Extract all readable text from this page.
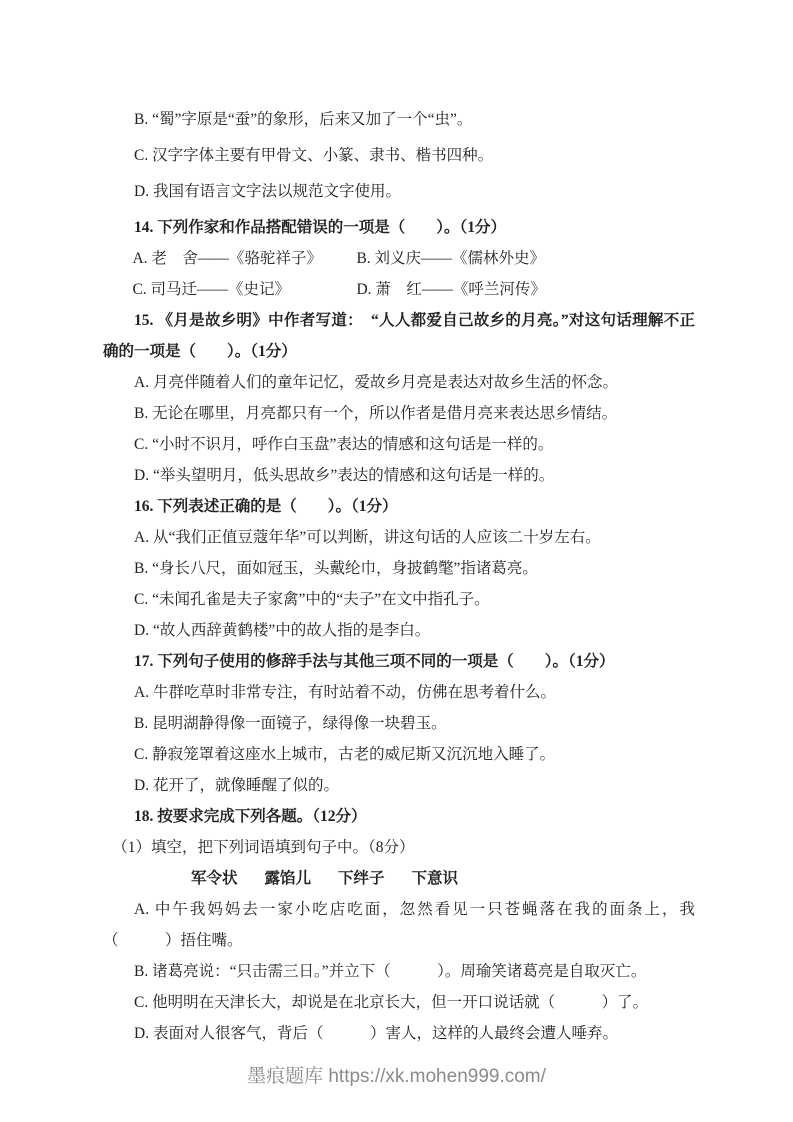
B. “蜀”字原是“蚕”的象形，后来又加了一个“虫”。

C. 汉字字体主要有甲骨文、小篆、隶书、楷书四种。

D. 我国有语言文字法以规范文字使用。

14. 下列作家和作品搭配错误的一项是（　　）。（1分）

A. 老　舍——《骆驼祥子》	B. 刘义庆——《儒林外史》
C. 司马迁——《史记》	D. 萧　红——《呼兰河传》

15. 《月是故乡明》中作者写道：　“人人都爱自己故乡的月亮。”对这句话理解不正确的一项是（　　）。（1分）

A. 月亮伴随着人们的童年记忆，爱故乡月亮是表达对故乡生活的怀念。

B. 无论在哪里，月亮都只有一个，所以作者是借月亮来表达思乡情结。

C. “小时不识月，呼作白玉盘”表达的情感和这句话是一样的。

D. “举头望明月，低头思故乡”表达的情感和这句话是一样的。

16. 下列表述正确的是（　　）。（1分）

A. 从“我们正值豆蔻年华”可以判断，讲这句话的人应该二十岁左右。

B. “身长八尺，面如冠玉，头戴纶巾，身披鹤氅”指诸葛亮。

C. “未闻孔雀是夫子家禽”中的“夫子”在文中指孔子。

D. “故人西辞黄鹤楼”中的故人指的是李白。

17. 下列句子使用的修辞手法与其他三项不同的一项是（　　）。（1分）

A. 牛群吃草时非常专注，有时站着不动，仿佛在思考着什么。

B. 昆明湖静得像一面镜子，绿得像一块碧玉。

C. 静寂笼罩着这座水上城市，古老的威尼斯又沉沉地入睡了。

D. 花开了，就像睡醒了似的。

18. 按要求完成下列各题。（12分）

（1）填空，把下列词语填到句子中。（8分）

军令状 露馅儿 下绊子 下意识

A. 中午我妈妈去一家小吃店吃面，忽然看见一只苍蝇落在我的面条上，我（　　　）捂住嘴。

B. 诸葛亮说：“只击需三日。”并立下（　　　）。周瑜笑诸葛亮是自取灭亡。

C. 他明明在天津长大，却说是在北京长大，但一开口说话就（　　　）了。

D. 表面对人很客气，背后（　　　）害人，这样的人最终会遭人唾弃。

墨痕题库 https://xk.mohen999.com/
